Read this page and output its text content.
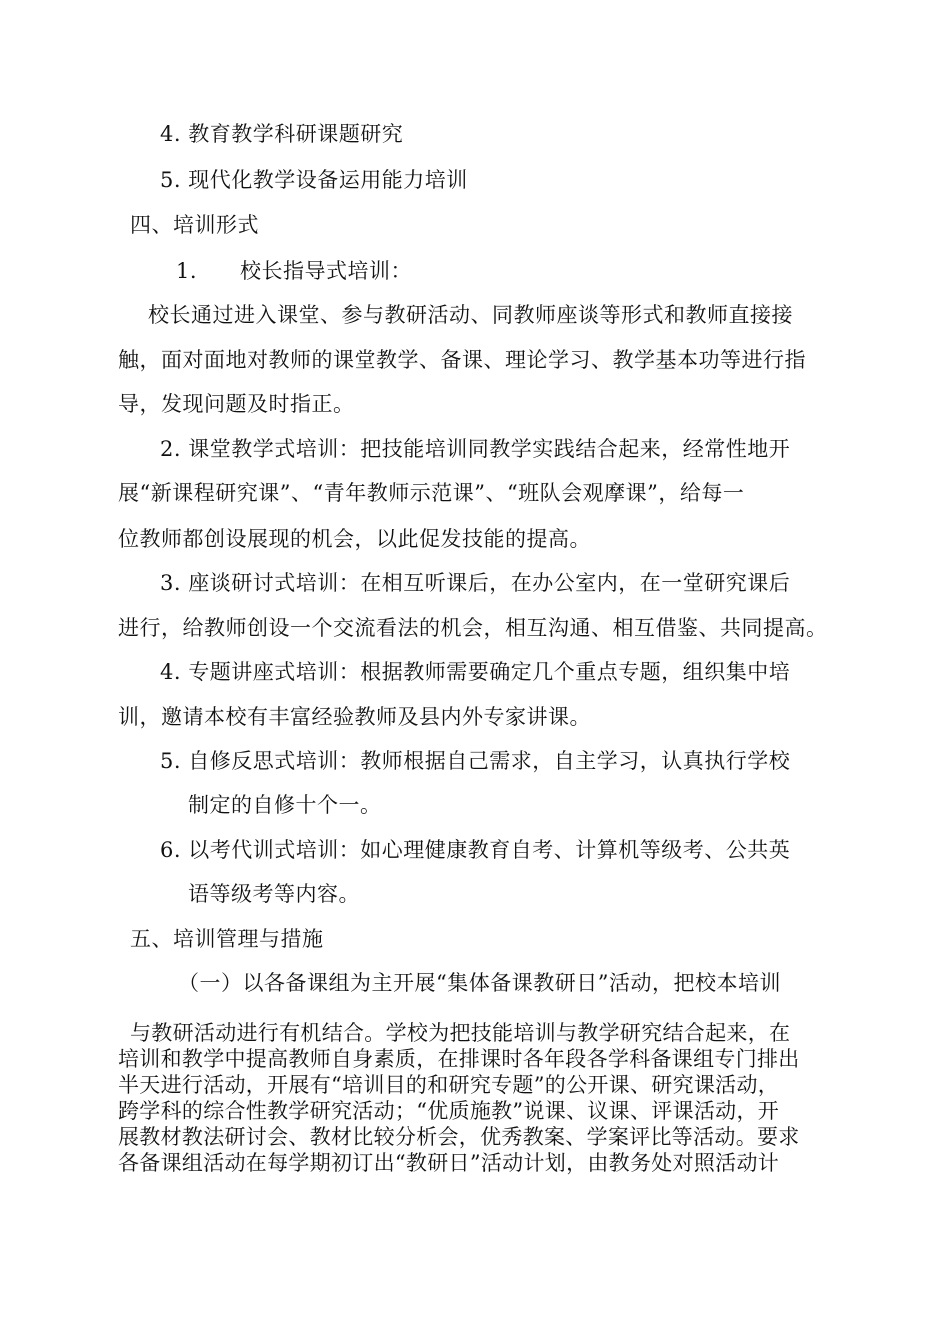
4. 教育教学科研课题研究
5. 现代化教学设备运用能力培训
四、培训形式
1.　　校长指导式培训：
校长通过进入课堂、参与教研活动、同教师座谈等形式和教师直接接
触，面对面地对教师的课堂教学、备课、理论学习、教学基本功等进行指
导，发现问题及时指正。
2. 课堂教学式培训：把技能培训同教学实践结合起来，经常性地开
展“新课程研究课”、“青年教师示范课”、“班队会观摩课”，给每一
位教师都创设展现的机会，以此促发技能的提高。
3. 座谈研讨式培训：在相互听课后，在办公室内，在一堂研究课后
进行，给教师创设一个交流看法的机会，相互沟通、相互借鉴、共同提高。
4. 专题讲座式培训：根据教师需要确定几个重点专题，组织集中培
训，邀请本校有丰富经验教师及县内外专家讲课。
5. 自修反思式培训：教师根据自己需求，自主学习，认真执行学校
制定的自修十个一。
6. 以考代训式培训：如心理健康教育自考、计算机等级考、公共英
语等级考等内容。
五、培训管理与措施
（一）以各备课组为主开展“集体备课教研日”活动，把校本培训
与教研活动进行有机结合。学校为把技能培训与教学研究结合起来，在
培训和教学中提高教师自身素质，在排课时各年段各学科备课组专门排出
半天进行活动，开展有“培训目的和研究专题”的公开课、研究课活动，
跨学科的综合性教学研究活动；“优质施教”说课、议课、评课活动，开
展教材教法研讨会、教材比较分析会，优秀教案、学案评比等活动。要求
各备课组活动在每学期初订出“教研日”活动计划，由教务处对照活动计
